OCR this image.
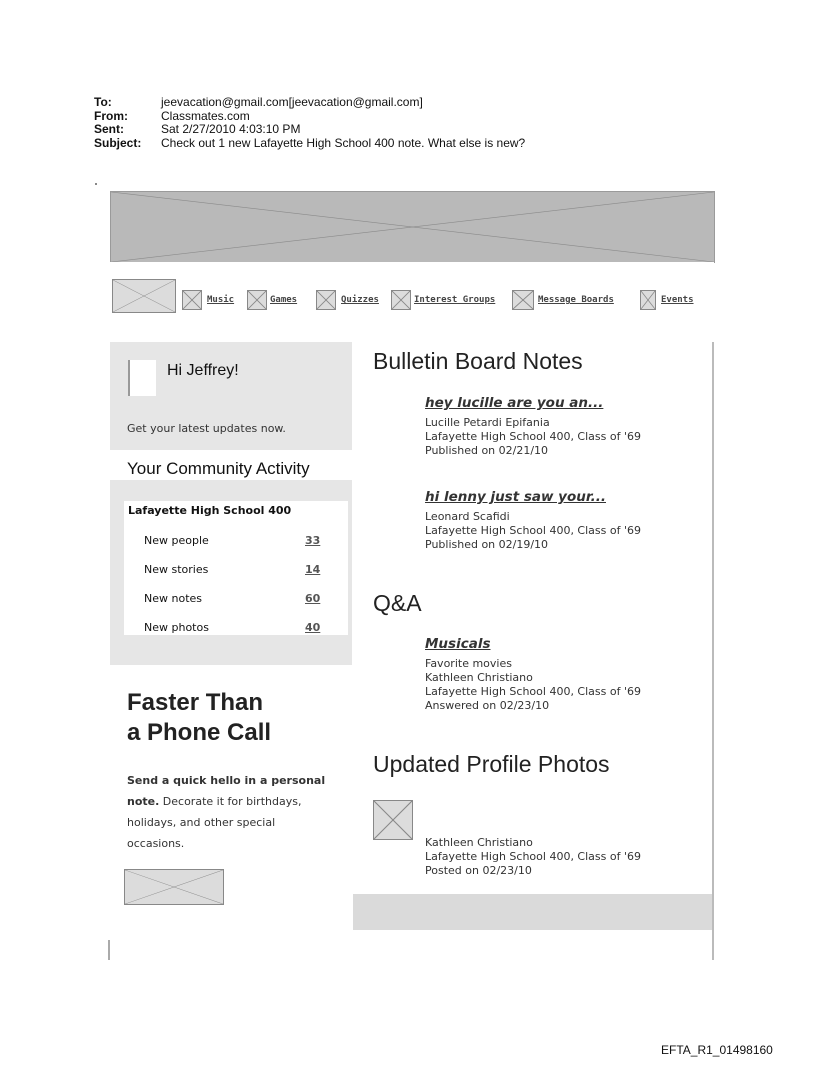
To:	jeevacation@gmail.com[jeevacation@gmail.com]
From:	Classmates.com
Sent:	Sat 2/27/2010 4:03:10 PM
Subject:	Check out 1 new Lafayette High School 400 note. What else is new?
Music	Games	Quizzes	Interest Groups	Message Boards	Events
Hi Jeffrey!
Get your latest updates now.
Your Community Activity
Lafayette High School 400
New people	33
New stories	14
New notes	60
New photos	40
Faster Than
a Phone Call
Send a quick hello in a personal note. Decorate it for birthdays, holidays, and other special occasions.
Bulletin Board Notes
hey lucille are you an...
Lucille Petardi Epifania
Lafayette High School 400, Class of '69
Published on 02/21/10
hi lenny just saw your...
Leonard Scafidi
Lafayette High School 400, Class of '69
Published on 02/19/10
Q&A
Musicals
Favorite movies
Kathleen Christiano
Lafayette High School 400, Class of '69
Answered on 02/23/10
Updated Profile Photos
Kathleen Christiano
Lafayette High School 400, Class of '69
Posted on 02/23/10
EFTA_R1_01498160
